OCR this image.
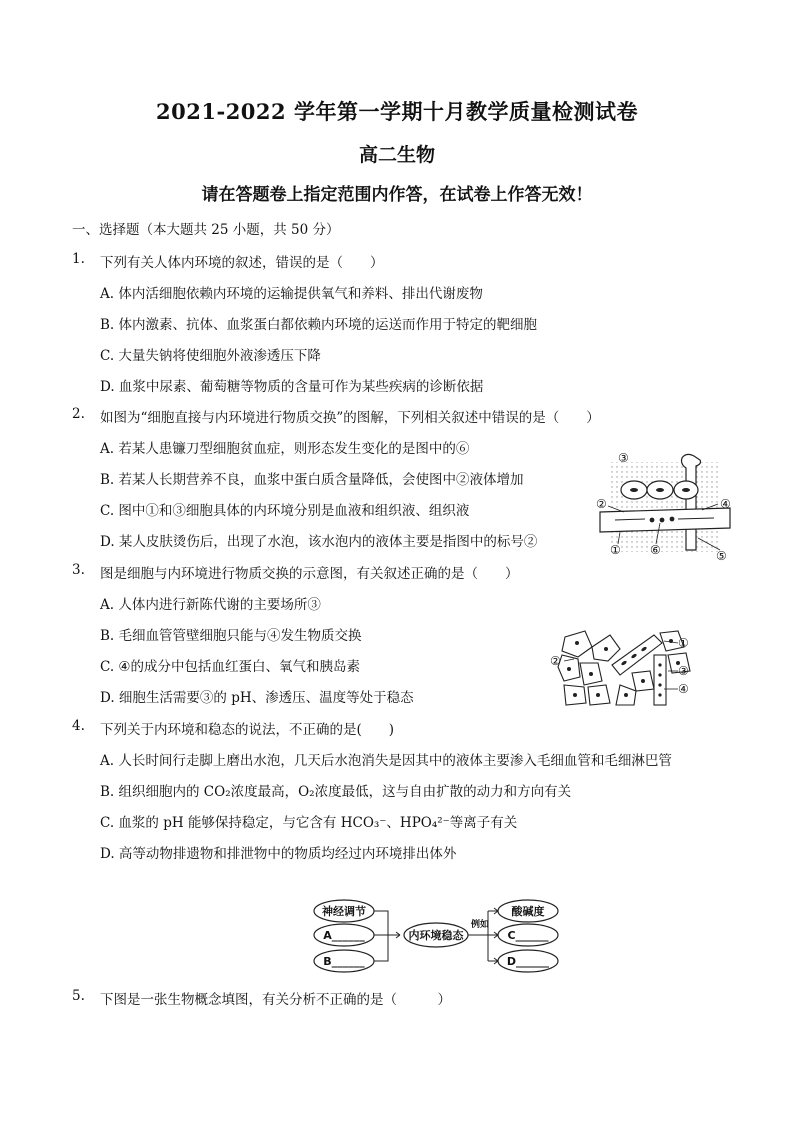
2021-2022 学年第一学期十月教学质量检测试卷
高二生物
请在答题卷上指定范围内作答，在试卷上作答无效！
一、选择题（本大题共 25 小题，共 50 分）
1. 下列有关人体内环境的叙述，错误的是（　　）
A. 体内活细胞依赖内环境的运输提供氧气和养料、排出代谢废物
B. 体内激素、抗体、血浆蛋白都依赖内环境的运送而作用于特定的靶细胞
C. 大量失钠将使细胞外液渗透压下降
D. 血浆中尿素、葡萄糖等物质的含量可作为某些疾病的诊断依据
2. 如图为“细胞直接与内环境进行物质交换”的图解，下列相关叙述中错误的是（　　）
A. 若某人患镰刀型细胞贫血症，则形态发生变化的是图中的⑥
B. 若某人长期营养不良，血浆中蛋白质含量降低，会使图中②液体增加
C. 图中①和③细胞具体的内环境分别是血液和组织液、组织液
D. 某人皮肤烫伤后，出现了水泡，该水泡内的液体主要是指图中的标号②
③
②	④
① ⑥	⑤
3. 图是细胞与内环境进行物质交换的示意图，有关叙述正确的是（　　）
A. 人体内进行新陈代谢的主要场所③
B. 毛细血管管壁细胞只能与④发生物质交换
C. ④的成分中包括血红蛋白、氧气和胰岛素
D. 细胞生活需要③的 pH、渗透压、温度等处于稳态
①
②
③
④
4. 下列关于内环境和稳态的说法，不正确的是(　　)
A. 人长时间行走脚上磨出水泡，几天后水泡消失是因其中的液体主要渗入毛细血管和毛细淋巴管
B. 组织细胞内的 CO₂浓度最高，O₂浓度最低，这与自由扩散的动力和方向有关
C. 血浆的 pH 能够保持稳定，与它含有 HCO₃⁻、HPO₄²⁻等离子有关
D. 高等动物排遗物和排泄物中的物质均经过内环境排出体外
神经调节
A______
B______
内环境稳态
例如
酸碱度
C______
D______
5. 下图是一张生物概念填图，有关分析不正确的是（　　　）
